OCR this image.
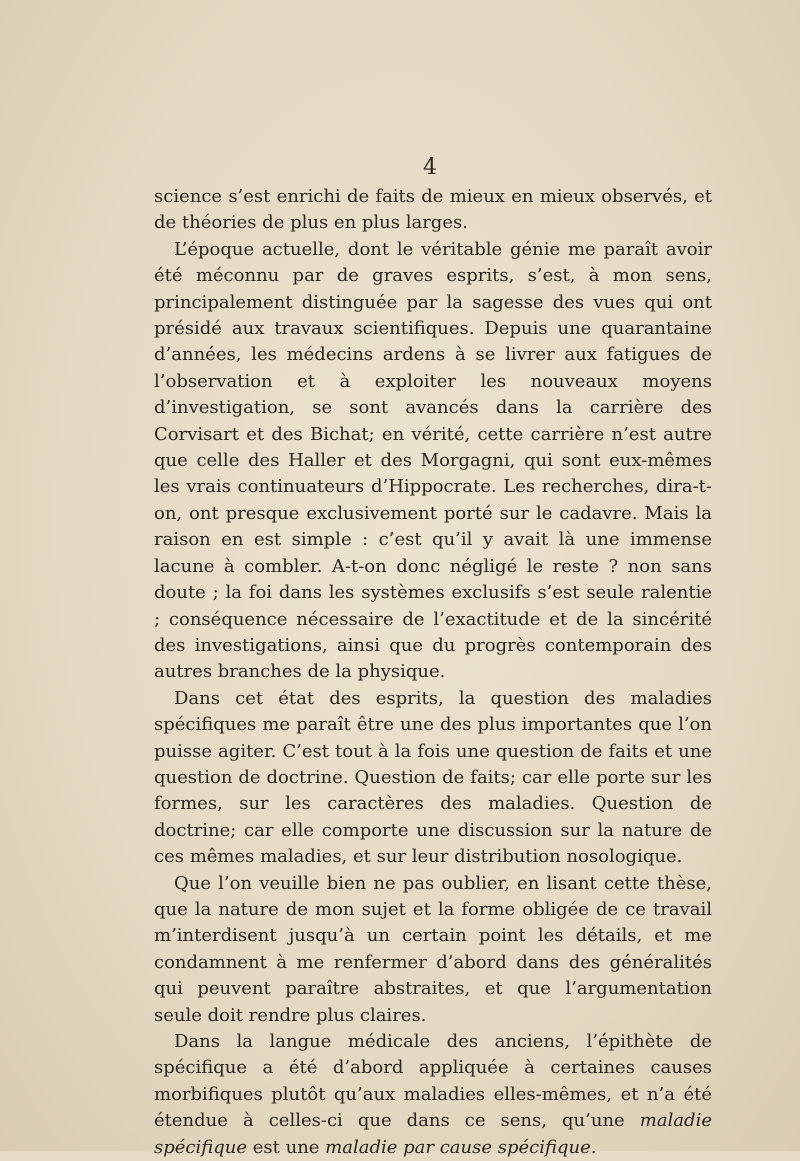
4

science s’est enrichi de faits de mieux en mieux observés, et de théories de plus en plus larges.

L’époque actuelle, dont le véritable génie me paraît avoir été méconnu par de graves esprits, s’est, à mon sens, principalement distinguée par la sagesse des vues qui ont présidé aux travaux scientifiques. Depuis une quarantaine d’années, les médecins ardens à se livrer aux fatigues de l’observation et à exploiter les nouveaux moyens d’investigation, se sont avancés dans la carrière des Corvisart et des Bichat; en vérité, cette carrière n’est autre que celle des Haller et des Morgagni, qui sont eux-mêmes les vrais continuateurs d’Hippocrate. Les recherches, dira-t-on, ont presque exclusivement porté sur le cadavre. Mais la raison en est simple : c’est qu’il y avait là une immense lacune à combler. A-t-on donc négligé le reste ? non sans doute ; la foi dans les systèmes exclusifs s’est seule ralentie ; conséquence nécessaire de l’exactitude et de la sincérité des investigations, ainsi que du progrès contemporain des autres branches de la physique.

Dans cet état des esprits, la question des maladies spécifiques me paraît être une des plus importantes que l’on puisse agiter. C’est tout à la fois une question de faits et une question de doctrine. Question de faits; car elle porte sur les formes, sur les caractères des maladies. Question de doctrine; car elle comporte une discussion sur la nature de ces mêmes maladies, et sur leur distribution nosologique.

Que l’on veuille bien ne pas oublier, en lisant cette thèse, que la nature de mon sujet et la forme obligée de ce travail m’interdisent jusqu’à un certain point les détails, et me condamnent à me renfermer d’abord dans des généralités qui peuvent paraître abstraites, et que l’argumentation seule doit rendre plus claires.

Dans la langue médicale des anciens, l’épithète de spécifique a été d’abord appliquée à certaines causes morbifiques plutôt qu’aux maladies elles-mêmes, et n’a été étendue à celles-ci que dans ce sens, qu’une maladie spécifique est une maladie par cause spécifique.
